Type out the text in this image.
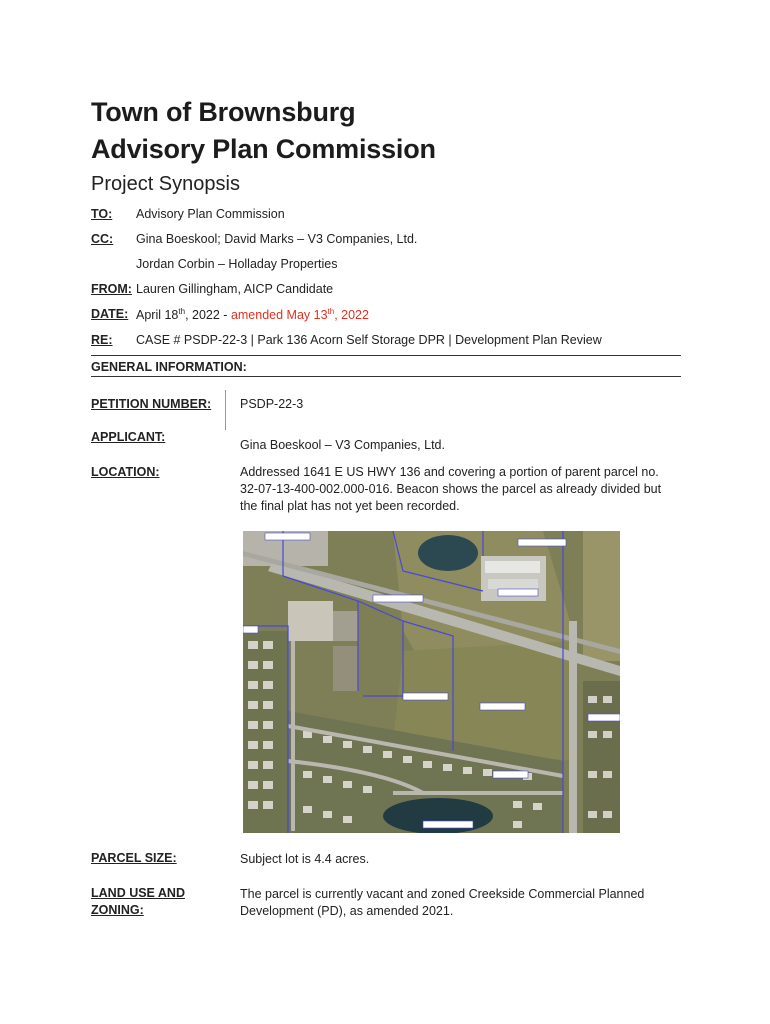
Town of Brownsburg
Advisory Plan Commission
Project Synopsis
TO: Advisory Plan Commission
CC: Gina Boeskool; David Marks – V3 Companies, Ltd.
Jordan Corbin – Holladay Properties
FROM: Lauren Gillingham, AICP Candidate
DATE: April 18th, 2022 - amended May 13th, 2022
RE: CASE # PSDP-22-3 | Park 136 Acorn Self Storage DPR | Development Plan Review
GENERAL INFORMATION:
PETITION NUMBER: PSDP-22-3
APPLICANT:
Gina Boeskool – V3 Companies, Ltd.
LOCATION:	Addressed 1641 E US HWY 136 and covering a portion of parent parcel no. 32-07-13-400-002.000-016. Beacon shows the parcel as already divided but the final plat has not yet been recorded.
PARCEL SIZE:	Subject lot is 4.4 acres.
LAND USE AND
ZONING:
The parcel is currently vacant and zoned Creekside Commercial Planned Development (PD), as amended 2021.
